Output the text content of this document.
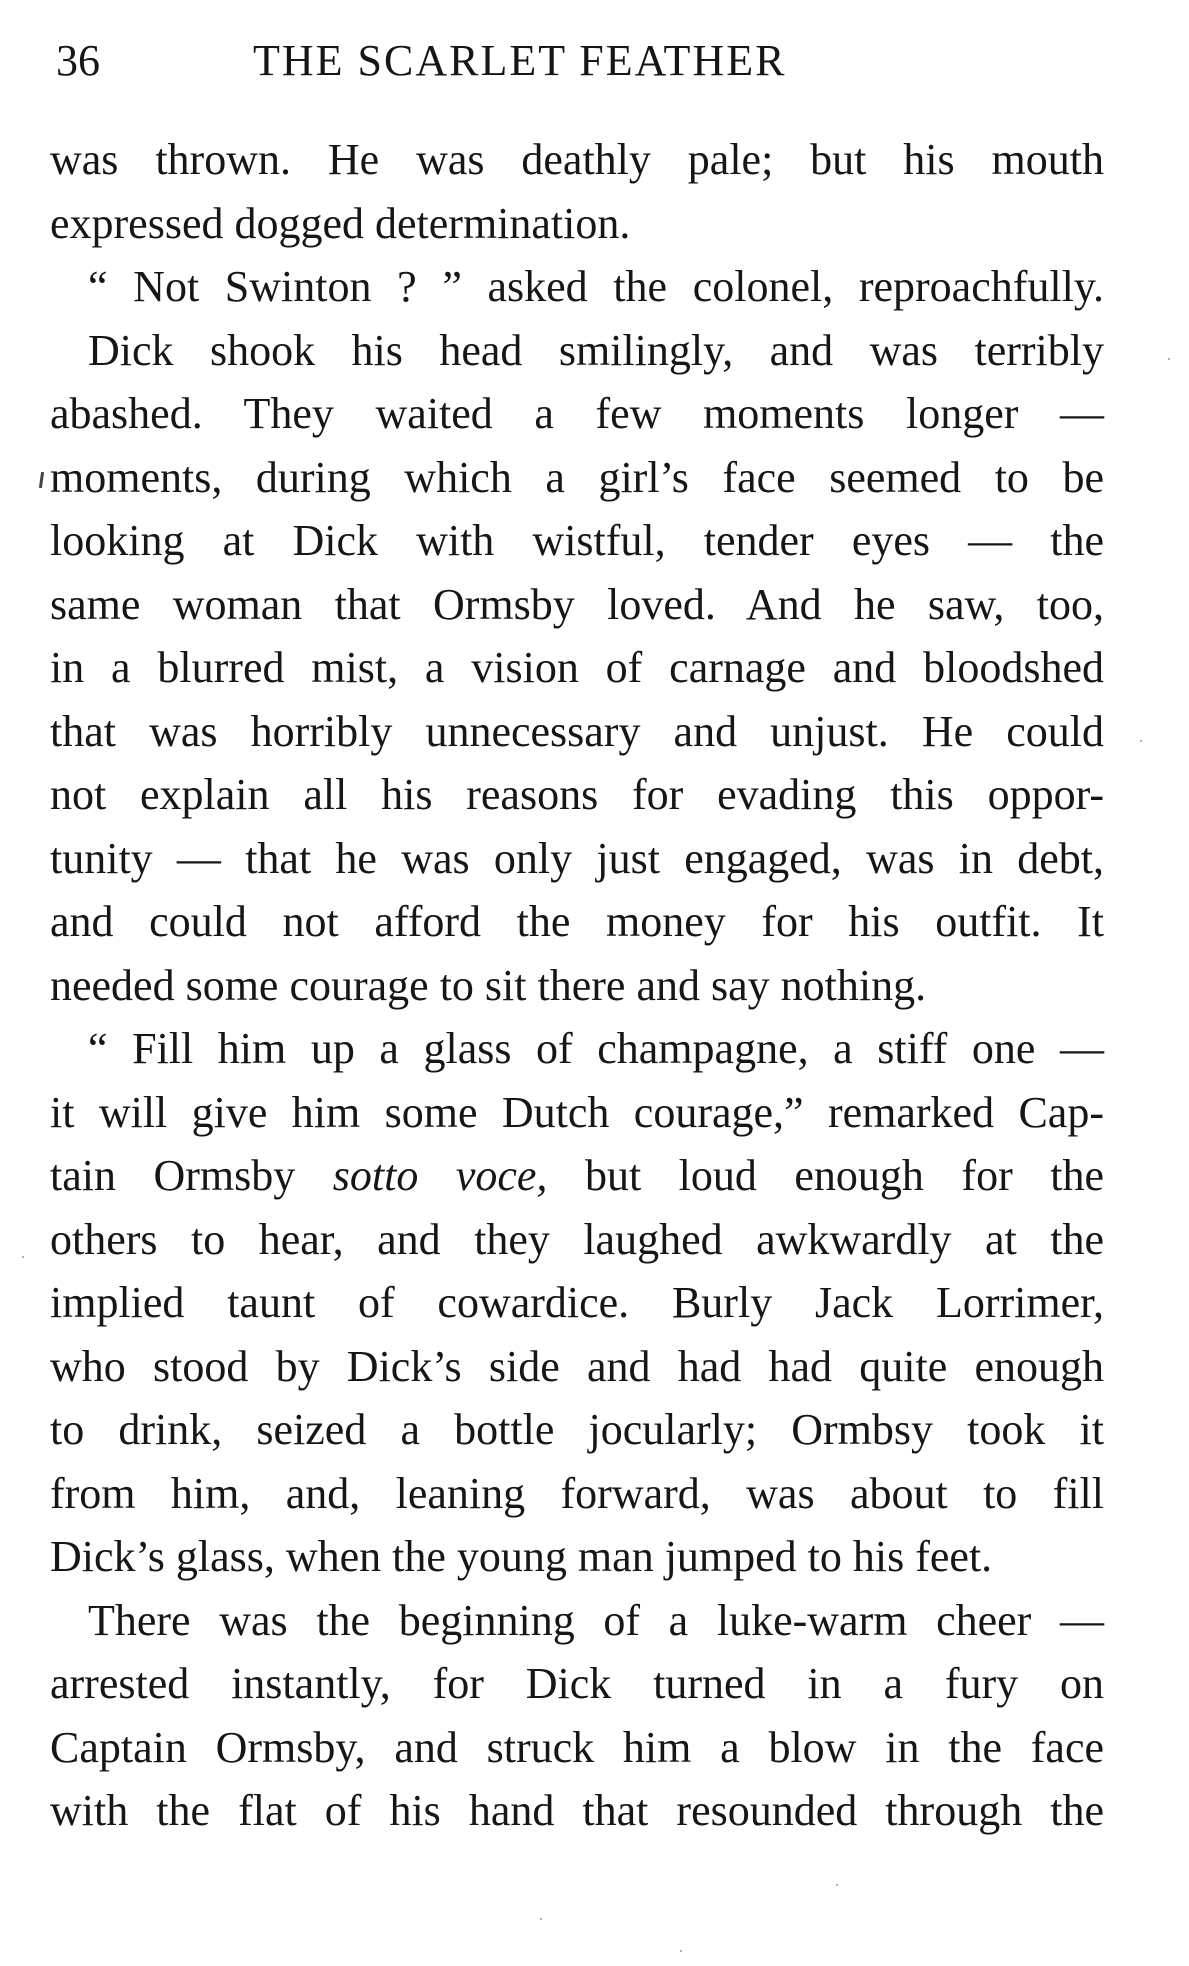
36	THE SCARLET FEATHER
was thrown. He was deathly pale; but his mouth
expressed dogged determination.
“ Not Swinton ? ” asked the colonel, reproachfully.
Dick shook his head smilingly, and was terribly
abashed. They waited a few moments longer —
moments, during which a girl’s face seemed to be
looking at Dick with wistful, tender eyes — the
same woman that Ormsby loved. And he saw, too,
in a blurred mist, a vision of carnage and bloodshed
that was horribly unnecessary and unjust. He could
not explain all his reasons for evading this oppor-
tunity — that he was only just engaged, was in debt,
and could not afford the money for his outfit. It
needed some courage to sit there and say nothing.
“ Fill him up a glass of champagne, a stiff one —
it will give him some Dutch courage,” remarked Cap-
tain Ormsby sotto voce, but loud enough for the
others to hear, and they laughed awkwardly at the
implied taunt of cowardice. Burly Jack Lorrimer,
who stood by Dick’s side and had had quite enough
to drink, seized a bottle jocularly; Ormbsy took it
from him, and, leaning forward, was about to fill
Dick’s glass, when the young man jumped to his feet.
There was the beginning of a luke-warm cheer —
arrested instantly, for Dick turned in a fury on
Captain Ormsby, and struck him a blow in the face
with the flat of his hand that resounded through the
